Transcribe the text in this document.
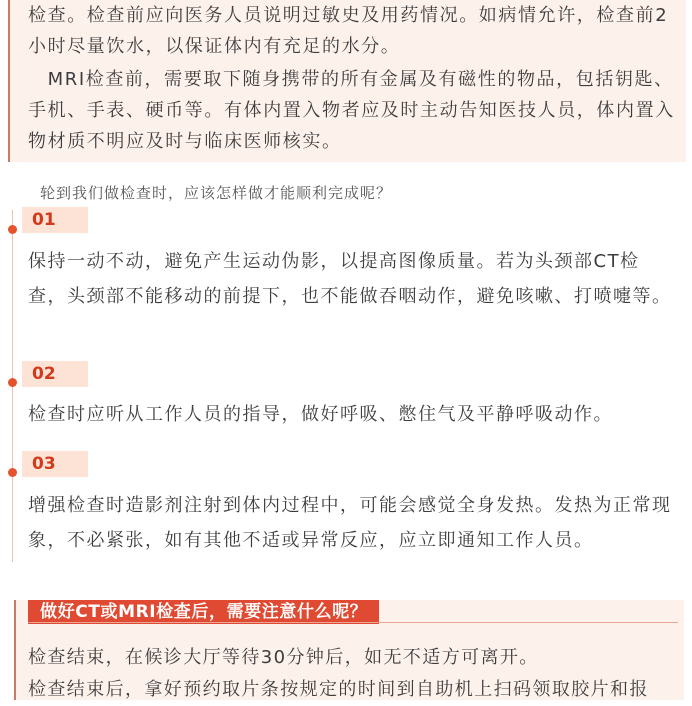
检查。检查前应向医务人员说明过敏史及用药情况。如病情允许，检查前2小时尽量饮水，以保证体内有充足的水分。

　MRI检查前，需要取下随身携带的所有金属及有磁性的物品，包括钥匙、手机、手表、硬币等。有体内置入物者应及时主动告知医技人员，体内置入物材质不明应及时与临床医师核实。

轮到我们做检查时，应该怎样做才能顺利完成呢？
01

保持一动不动，避免产生运动伪影，以提高图像质量。若为头颈部CT检查，头颈部不能移动的前提下，也不能做吞咽动作，避免咳嗽、打喷嚏等。

02

检查时应听从工作人员的指导，做好呼吸、憋住气及平静呼吸动作。

03

增强检查时造影剂注射到体内过程中，可能会感觉全身发热。发热为正常现象，不必紧张，如有其他不适或异常反应，应立即通知工作人员。

做好CT或MRI检查后，需要注意什么呢？

检查结束，在候诊大厅等待30分钟后，如无不适方可离开。

检查结束后，拿好预约取片条按规定的时间到自助机上扫码领取胶片和报
